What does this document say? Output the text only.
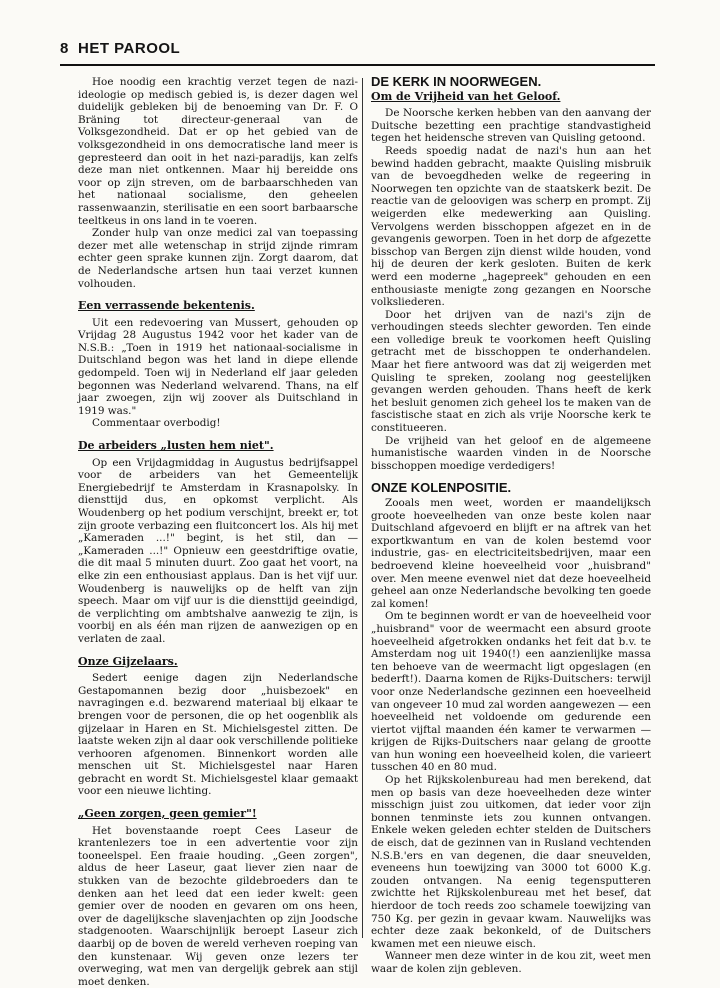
8 HET PAROOL

Hoe noodig een krachtig verzet tegen de nazi-ideologie op medisch gebied is, is dezer dagen wel duidelijk gebleken bij de benoeming van Dr. F. O Bräning tot directeur-generaal van de Volksgezondheid. Dat er op het gebied van de volksgezondheid in ons democratische land meer is gepresteerd dan ooit in het nazi-paradijs, kan zelfs deze man niet ontkennen. Maar hij bereidde ons voor op zijn streven, om de barbaarschheden van het nationaal socialisme, den geheelen rassenwaanzin, sterilisatie en een soort barbaarsche teeltkeus in ons land in te voeren.

Zonder hulp van onze medici zal van toepassing dezer met alle wetenschap in strijd zijnde rimram echter geen sprake kunnen zijn. Zorgt daarom, dat de Nederlandsche artsen hun taai verzet kunnen volhouden.

Een verrassende bekentenis.

Uit een redevoering van Mussert, gehouden op Vrijdag 28 Augustus 1942 voor het kader van de N.S.B.: „Toen in 1919 het nationaal-socialisme in Duitschland begon was het land in diepe ellende gedompeld. Toen wij in Nederland elf jaar geleden begonnen was Nederland welvarend. Thans, na elf jaar zwoegen, zijn wij zoover als Duitschland in 1919 was."

Commentaar overbodig!

De arbeiders „lusten hem niet".

Op een Vrijdagmiddag in Augustus bedrijfsappel voor de arbeiders van het Gemeentelijk Energiebedrijf te Amsterdam in Krasnapolsky. In diensttijd dus, en opkomst verplicht. Als Woudenberg op het podium verschijnt, breekt er, tot zijn groote verbazing een fluitconcert los. Als hij met „Kameraden ...!" begint, is het stil, dan — „Kameraden ...!" Opnieuw een geestdriftige ovatie, die dit maal 5 minuten duurt. Zoo gaat het voort, na elke zin een enthousiast applaus. Dan is het vijf uur. Woudenberg is nauwelijks op de helft van zijn speech. Maar om vijf uur is die diensttijd geeindigd, de verplichting om ambtshalve aanwezig te zijn, is voorbij en als één man rijzen de aanwezigen op en verlaten de zaal.

Onze Gijzelaars.

Sedert eenige dagen zijn Nederlandsche Gestapomannen bezig door „huisbezoek" en navragingen e.d. bezwarend materiaal bij elkaar te brengen voor de personen, die op het oogenblik als gijzelaar in Haren en St. Michielsgestel zitten. De laatste weken zijn al daar ook verschillende politieke verhooren afgenomen. Binnenkort worden alle menschen uit St. Michielsgestel naar Haren gebracht en wordt St. Michielsgestel klaar gemaakt voor een nieuwe lichting.

„Geen zorgen, geen gemier"!

Het bovenstaande roept Cees Laseur de krantenlezers toe in een advertentie voor zijn tooneelspel. Een fraaie houding. „Geen zorgen", aldus de heer Laseur, gaat liever zien naar de stukken van de bezochte gildebroeders dan te denken aan het leed dat een ieder kwelt: geen gemier over de nooden en gevaren om ons heen, over de dagelijksche slavenjachten op zijn Joodsche stadgenooten. Waarschijnlijk beroept Laseur zich daarbij op de boven de wereld verheven roeping van den kunstenaar. Wij geven onze lezers ter overweging, wat men van dergelijk gebrek aan stijl moet denken.

DE KERK IN NOORWEGEN.
Om de Vrijheid van het Geloof.

De Noorsche kerken hebben van den aanvang der Duitsche bezetting een prachtige standvastigheid tegen het heidensche streven van Quisling getoond.

Reeds spoedig nadat de nazi's hun aan het bewind hadden gebracht, maakte Quisling misbruik van de bevoegdheden welke de regeering in Noorwegen ten opzichte van de staatskerk bezit. De reactie van de geloovigen was scherp en prompt. Zij weigerden elke medewerking aan Quisling. Vervolgens werden bisschoppen afgezet en in de gevangenis geworpen. Toen in het dorp de afgezette bisschop van Bergen zijn dienst wilde houden, vond hij de deuren der kerk gesloten. Buiten de kerk werd een moderne „hagepreek" gehouden en een enthousiaste menigte zong gezangen en Noorsche volksliederen.

Door het drijven van de nazi's zijn de verhoudingen steeds slechter geworden. Ten einde een volledige breuk te voorkomen heeft Quisling getracht met de bisschoppen te onderhandelen. Maar het fiere antwoord was dat zij weigerden met Quisling te spreken, zoolang nog geestelijken gevangen werden gehouden. Thans heeft de kerk het besluit genomen zich geheel los te maken van de fascistische staat en zich als vrije Noorsche kerk te constitueeren.

De vrijheid van het geloof en de algemeene humanistische waarden vinden in de Noorsche bisschoppen moedige verdedigers!

ONZE KOLENPOSITIE.

Zooals men weet, worden er maandelijksch groote hoeveelheden van onze beste kolen naar Duitschland afgevoerd en blijft er na aftrek van het exportkwantum en van de kolen bestemd voor industrie, gas- en electriciteitsbedrijven, maar een bedroevend kleine hoeveelheid voor „huisbrand" over. Men meene evenwel niet dat deze hoeveelheid geheel aan onze Nederlandsche bevolking ten goede zal komen!

Om te beginnen wordt er van de hoeveelheid voor „huisbrand" voor de weermacht een absurd groote hoeveelheid afgetrokken ondanks het feit dat b.v. te Amsterdam nog uit 1940(!) een aanzienlijke massa ten behoeve van de weermacht ligt opgeslagen (en bederft!). Daarna komen de Rijks-Duitschers: terwijl voor onze Nederlandsche gezinnen een hoeveelheid van ongeveer 10 mud zal worden aangewezen — een hoeveelheid net voldoende om gedurende een viertot vijftal maanden één kamer te verwarmen — krijgen de Rijks-Duitschers naar gelang de grootte van hun woning een hoeveelheid kolen, die varieert tusschen 40 en 80 mud.

Op het Rijkskolenbureau had men berekend, dat men op basis van deze hoeveelheden deze winter misschign juist zou uitkomen, dat ieder voor zijn bonnen tenminste iets zou kunnen ontvangen. Enkele weken geleden echter stelden de Duitschers de eisch, dat de gezinnen van in Rusland vechtenden N.S.B.'ers en van degenen, die daar sneuvelden, eveneens hun toewijzing van 3000 tot 6000 K.g. zouden ontvangen. Na eenig tegensputteren zwichtte het Rijkskolenbureau met het besef, dat hierdoor de toch reeds zoo schamele toewijzing van 750 Kg. per gezin in gevaar kwam. Nauwelijks was echter deze zaak bekonkeld, of de Duitschers kwamen met een nieuwe eisch.

Wanneer men deze winter in de kou zit, weet men waar de kolen zijn gebleven.
